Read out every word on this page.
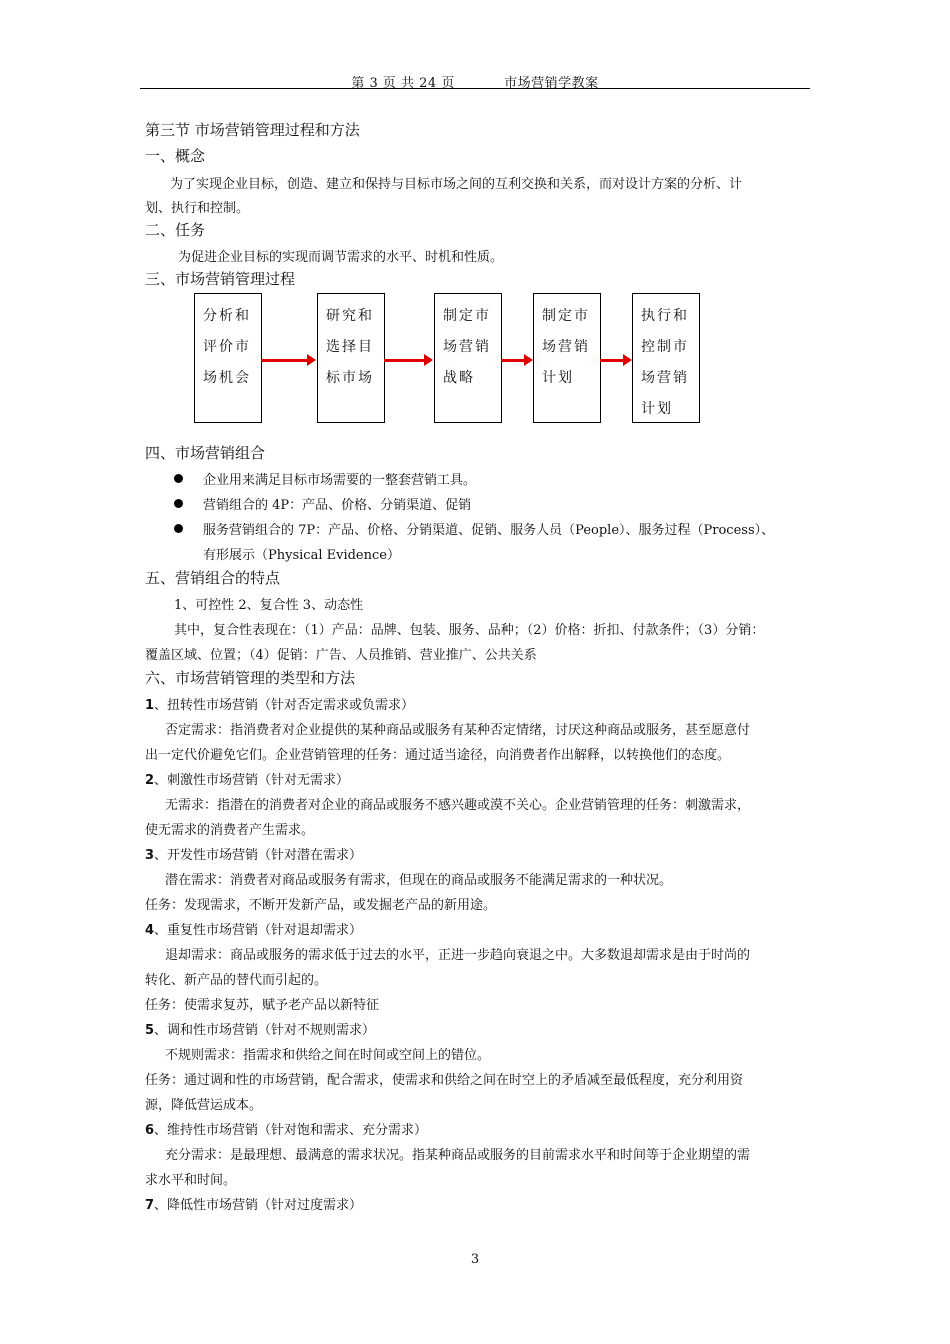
第 3 页 共 24 页	市场营销学教案
第三节 市场营销管理过程和方法
一、概念
为了实现企业目标，创造、建立和保持与目标市场之间的互利交换和关系，而对设计方案的分析、计
划、执行和控制。
二、任务
为促进企业目标的实现而调节需求的水平、时机和性质。
三、市场营销管理过程
分析和
评价市
场机会
研究和
选择目
标市场
制定市
场营销
战略
制定市
场营销
计划
执行和
控制市
场营销
计划
四、市场营销组合
企业用来满足目标市场需要的一整套营销工具。
营销组合的 4P：产品、价格、分销渠道、促销
服务营销组合的 7P：产品、价格、分销渠道、促销、服务人员（People）、服务过程（Process）、
有形展示（Physical Evidence）
五、营销组合的特点
1、可控性 2、复合性 3、动态性
其中，复合性表现在：（1）产品：品牌、包装、服务、品种；（2）价格：折扣、付款条件；（3）分销：
覆盖区域、位置；（4）促销：广告、人员推销、营业推广、公共关系
六、市场营销管理的类型和方法
1、扭转性市场营销（针对否定需求或负需求）
否定需求：指消费者对企业提供的某种商品或服务有某种否定情绪，讨厌这种商品或服务，甚至愿意付
出一定代价避免它们。企业营销管理的任务：通过适当途径，向消费者作出解释，以转换他们的态度。
2、刺激性市场营销（针对无需求）
无需求：指潜在的消费者对企业的商品或服务不感兴趣或漠不关心。企业营销管理的任务：刺激需求，
使无需求的消费者产生需求。
3、开发性市场营销（针对潜在需求）
潜在需求：消费者对商品或服务有需求，但现在的商品或服务不能满足需求的一种状况。
任务：发现需求，不断开发新产品，或发掘老产品的新用途。
4、重复性市场营销（针对退却需求）
退却需求：商品或服务的需求低于过去的水平，正进一步趋向衰退之中。大多数退却需求是由于时尚的
转化、新产品的替代而引起的。
任务：使需求复苏，赋予老产品以新特征
5、调和性市场营销（针对不规则需求）
不规则需求：指需求和供给之间在时间或空间上的错位。
任务：通过调和性的市场营销，配合需求，使需求和供给之间在时空上的矛盾减至最低程度，充分利用资
源，降低营运成本。
6、维持性市场营销（针对饱和需求、充分需求）
充分需求：是最理想、最满意的需求状况。指某种商品或服务的目前需求水平和时间等于企业期望的需
求水平和时间。
7、降低性市场营销（针对过度需求）
3
